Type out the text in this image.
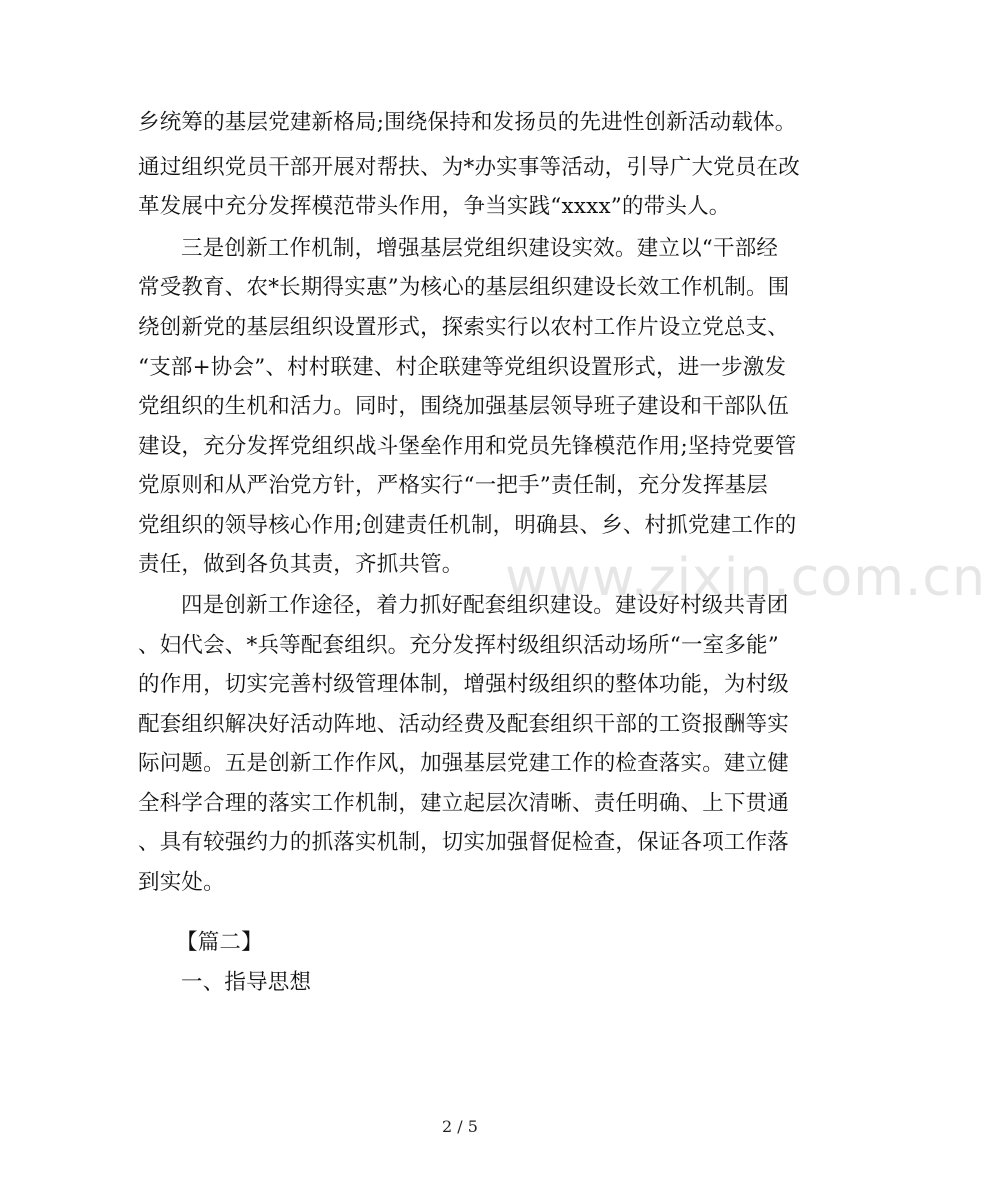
www.zixin.com.cn
乡统筹的基层党建新格局;围绕保持和发扬员的先进性创新活动载体。
通过组织党员干部开展对帮扶、为*办实事等活动，引导广大党员在改
革发展中充分发挥模范带头作用，争当实践“xxxx”的带头人。
三是创新工作机制，增强基层党组织建设实效。建立以“干部经
常受教育、农*长期得实惠”为核心的基层组织建设长效工作机制。围
绕创新党的基层组织设置形式，探索实行以农村工作片设立党总支、
“支部+协会”、村村联建、村企联建等党组织设置形式，进一步激发
党组织的生机和活力。同时，围绕加强基层领导班子建设和干部队伍
建设，充分发挥党组织战斗堡垒作用和党员先锋模范作用;坚持党要管
党原则和从严治党方针，严格实行“一把手”责任制，充分发挥基层
党组织的领导核心作用;创建责任机制，明确县、乡、村抓党建工作的
责任，做到各负其责，齐抓共管。
四是创新工作途径，着力抓好配套组织建设。建设好村级共青团
、妇代会、*兵等配套组织。充分发挥村级组织活动场所“一室多能”
的作用，切实完善村级管理体制，增强村级组织的整体功能，为村级
配套组织解决好活动阵地、活动经费及配套组织干部的工资报酬等实
际问题。五是创新工作作风，加强基层党建工作的检查落实。建立健
全科学合理的落实工作机制，建立起层次清晰、责任明确、上下贯通
、具有较强约力的抓落实机制，切实加强督促检查，保证各项工作落
到实处。
【篇二】
一、指导思想
2 / 5
